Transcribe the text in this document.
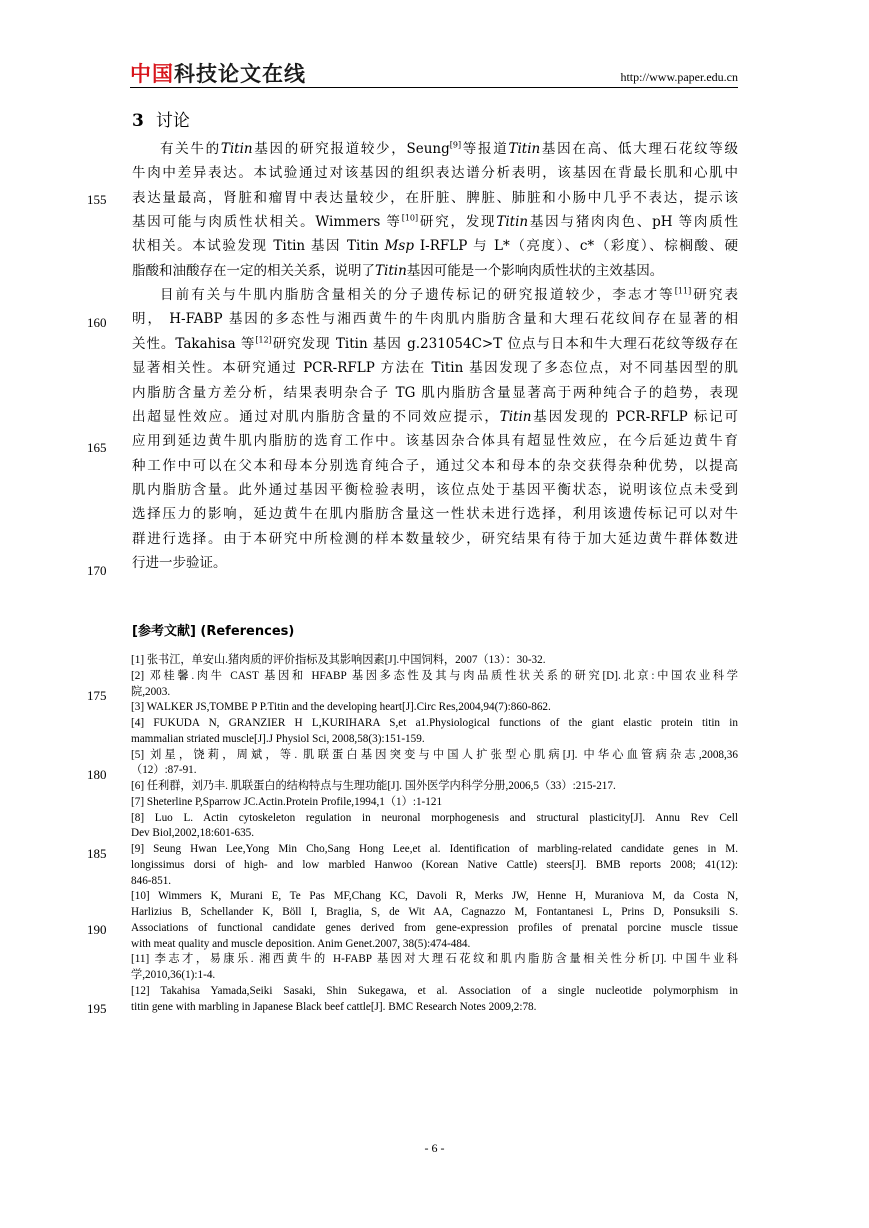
中国科技论文在线	http://www.paper.edu.cn
3 讨论
有关牛的Titin基因的研究报道较少，Seung[9]等报道Titin基因在高、低大理石花纹等级
牛肉中差异表达。本试验通过对该基因的组织表达谱分析表明，该基因在背最长肌和心肌中
表达量最高，肾脏和瘤胃中表达量较少，在肝脏、脾脏、肺脏和小肠中几乎不表达，提示该
基因可能与肉质性状相关。Wimmers 等[10]研究，发现Titin基因与猪肉肉色、pH 等肉质性
状相关。本试验发现 Titin 基因 Titin Msp I-RFLP 与 L*（亮度）、c*（彩度）、棕榈酸、硬
脂酸和油酸存在一定的相关关系，说明了Titin基因可能是一个影响肉质性状的主效基因。
目前有关与牛肌内脂肪含量相关的分子遗传标记的研究报道较少，李志才等[11]研究表
明， H-FABP 基因的多态性与湘西黄牛的牛肉肌内脂肪含量和大理石花纹间存在显著的相
关性。Takahisa 等[12]研究发现 Titin 基因 g.231054C>T 位点与日本和牛大理石花纹等级存在
显著相关性。本研究通过 PCR-RFLP 方法在 Titin 基因发现了多态位点，对不同基因型的肌
内脂肪含量方差分析，结果表明杂合子 TG 肌内脂肪含量显著高于两种纯合子的趋势，表现
出超显性效应。通过对肌内脂肪含量的不同效应提示，Titin基因发现的 PCR-RFLP 标记可
应用到延边黄牛肌内脂肪的选育工作中。该基因杂合体具有超显性效应，在今后延边黄牛育
种工作中可以在父本和母本分别选育纯合子，通过父本和母本的杂交获得杂种优势，以提高
肌内脂肪含量。此外通过基因平衡检验表明，该位点处于基因平衡状态，说明该位点未受到
选择压力的影响，延边黄牛在肌内脂肪含量这一性状未进行选择，利用该遗传标记可以对牛
群进行选择。由于本研究中所检测的样本数量较少，研究结果有待于加大延边黄牛群体数进
行进一步验证。
155
160
165
170
175
180
185
190
195
[参考文献] (References)
[1] 张书江，单安山.猪肉质的评价指标及其影响因素[J].中国饲料，2007（13）：30-32.
[2] 邓桂馨.肉牛 CAST 基因和 HFABP 基因多态性及其与肉品质性状关系的研究[D].北京:中国农业科学
院,2003.
[3] WALKER JS,TOMBE P P.Titin and the developing heart[J].Circ Res,2004,94(7):860-862.
[4] FUKUDA N, GRANZIER H L,KURIHARA S,et a1.Physiological functions of the giant elastic protein titin in
mammalian striated muscle[J].J Physiol Sci, 2008,58(3):151-159.
[5] 刘星，饶莉，周斌，等. 肌联蛋白基因突变与中国人扩张型心肌病[J]. 中华心血管病杂志,2008,36
（12）:87-91.
[6] 任利群，刘乃丰. 肌联蛋白的结构特点与生理功能[J]. 国外医学内科学分册,2006,5（33）:215-217.
[7] Sheterline P,Sparrow JC.Actin.Protein Profile,1994,1（1）:1-121
[8] Luo L. Actin cytoskeleton regulation in neuronal morphogenesis and structural plasticity[J]. Annu Rev Cell
Dev Biol,2002,18:601-635.
[9] Seung Hwan Lee,Yong Min Cho,Sang Hong Lee,et al. Identification of marbling-related candidate genes in M.
longissimus dorsi of high- and low marbled Hanwoo (Korean Native Cattle) steers[J]. BMB reports 2008; 41(12):
846-851.
[10] Wimmers K, Murani E, Te Pas MF,Chang KC, Davoli R, Merks JW, Henne H, Muraniova M, da Costa N,
Harlizius B, Schellander K, Böll I, Braglia, S, de Wit AA, Cagnazzo M, Fontantanesi L, Prins D, Ponsuksili S.
Associations of functional candidate genes derived from gene-expression profiles of prenatal porcine muscle tissue
with meat quality and muscle deposition. Anim Genet.2007, 38(5):474-484.
[11] 李志才，易康乐. 湘西黄牛的 H-FABP 基因对大理石花纹和肌内脂肪含量相关性分析[J]. 中国牛业科
学,2010,36(1):1-4.
[12] Takahisa Yamada,Seiki Sasaki, Shin Sukegawa, et al. Association of a single nucleotide polymorphism in
titin gene with marbling in Japanese Black beef cattle[J]. BMC Research Notes 2009,2:78.
- 6 -
